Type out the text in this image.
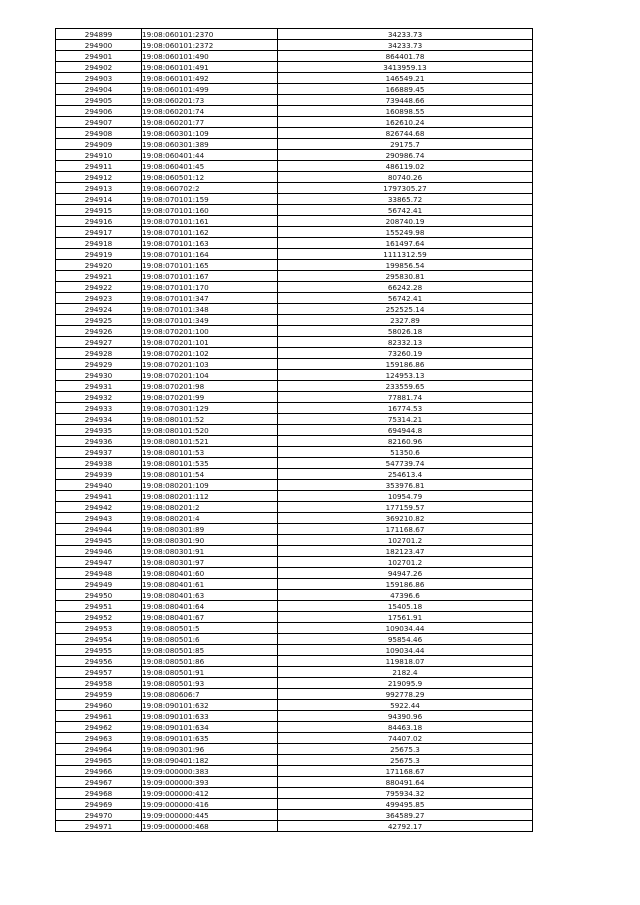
294899	19:08:060101:2370	34233.73
294900	19:08:060101:2372	34233.73
294901	19:08:060101:490	864401.78
294902	19:08:060101:491	3413959.13
294903	19:08:060101:492	146549.21
294904	19:08:060101:499	166889.45
294905	19:08:060201:73	739448.66
294906	19:08:060201:74	160898.55
294907	19:08:060201:77	162610.24
294908	19:08:060301:109	826744.68
294909	19:08:060301:389	29175.7
294910	19:08:060401:44	290986.74
294911	19:08:060401:45	486119.02
294912	19:08:060501:12	80740.26
294913	19:08:060702:2	1797305.27
294914	19:08:070101:159	33865.72
294915	19:08:070101:160	56742.41
294916	19:08:070101:161	208740.19
294917	19:08:070101:162	155249.98
294918	19:08:070101:163	161497.64
294919	19:08:070101:164	1111312.59
294920	19:08:070101:165	199856.54
294921	19:08:070101:167	295830.81
294922	19:08:070101:170	66242.28
294923	19:08:070101:347	56742.41
294924	19:08:070101:348	252525.14
294925	19:08:070101:349	2327.89
294926	19:08:070201:100	58026.18
294927	19:08:070201:101	82332.13
294928	19:08:070201:102	73260.19
294929	19:08:070201:103	159186.86
294930	19:08:070201:104	124953.13
294931	19:08:070201:98	233559.65
294932	19:08:070201:99	77881.74
294933	19:08:070301:129	16774.53
294934	19:08:080101:52	75314.21
294935	19:08:080101:520	694944.8
294936	19:08:080101:521	82160.96
294937	19:08:080101:53	51350.6
294938	19:08:080101:535	547739.74
294939	19:08:080101:54	254613.4
294940	19:08:080201:109	353976.81
294941	19:08:080201:112	10954.79
294942	19:08:080201:2	177159.57
294943	19:08:080201:4	369210.82
294944	19:08:080301:89	171168.67
294945	19:08:080301:90	102701.2
294946	19:08:080301:91	182123.47
294947	19:08:080301:97	102701.2
294948	19:08:080401:60	94947.26
294949	19:08:080401:61	159186.86
294950	19:08:080401:63	47396.6
294951	19:08:080401:64	15405.18
294952	19:08:080401:67	17561.91
294953	19:08:080501:5	109034.44
294954	19:08:080501:6	95854.46
294955	19:08:080501:85	109034.44
294956	19:08:080501:86	119818.07
294957	19:08:080501:91	2182.4
294958	19:08:080501:93	219095.9
294959	19:08:080606:7	992778.29
294960	19:08:090101:632	5922.44
294961	19:08:090101:633	94390.96
294962	19:08:090101:634	84463.18
294963	19:08:090101:635	74407.02
294964	19:08:090301:96	25675.3
294965	19:08:090401:182	25675.3
294966	19:09:000000:383	171168.67
294967	19:09:000000:393	880491.64
294968	19:09:000000:412	795934.32
294969	19:09:000000:416	499495.85
294970	19:09:000000:445	364589.27
294971	19:09:000000:468	42792.17
